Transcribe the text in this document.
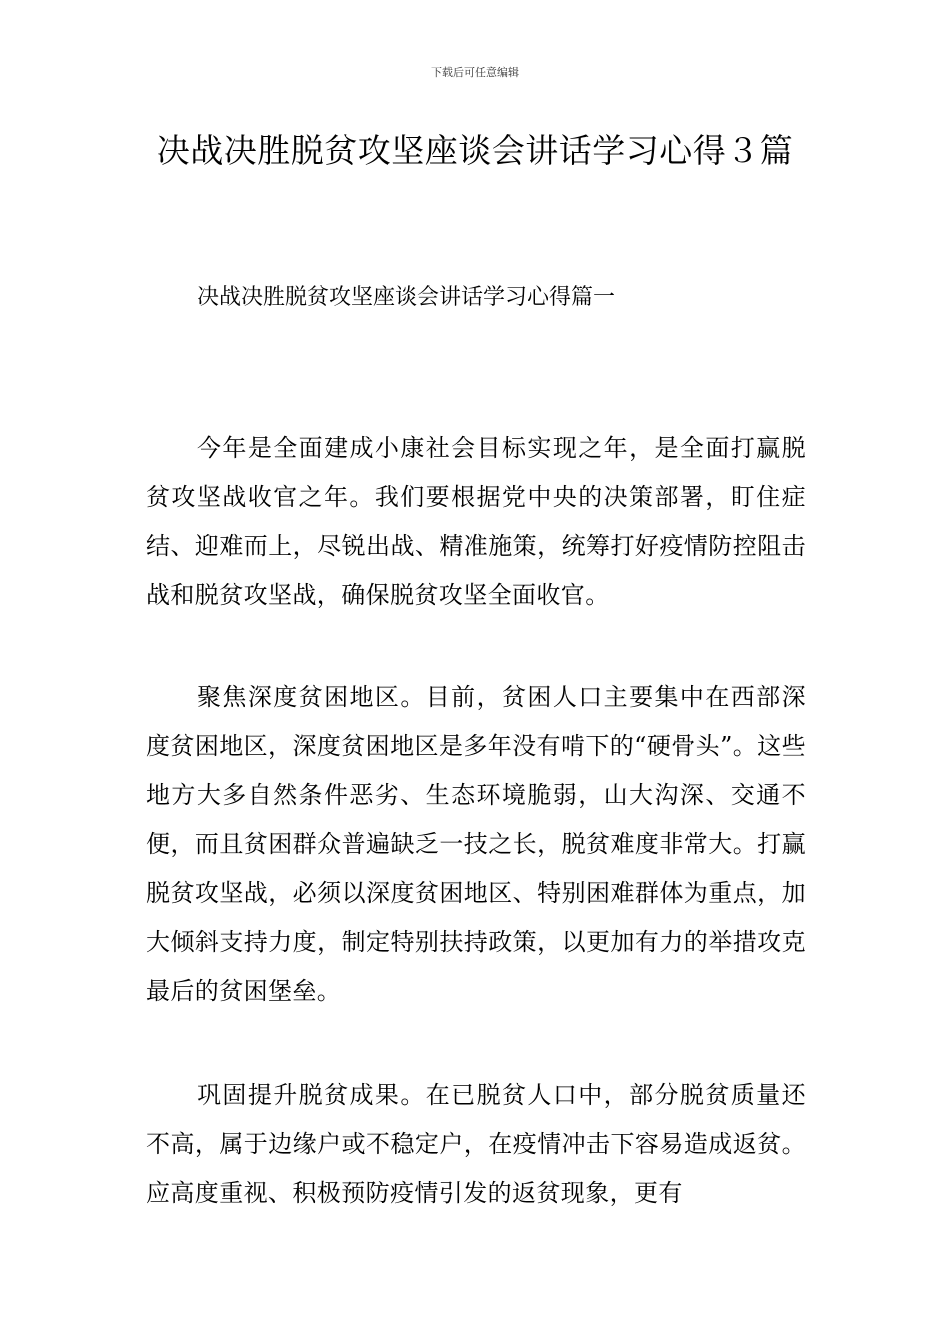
下载后可任意编辑
决战决胜脱贫攻坚座谈会讲话学习心得３篇
决战决胜脱贫攻坚座谈会讲话学习心得篇一

今年是全面建成小康社会目标实现之年，是全面打赢脱贫攻坚战收官之年。我们要根据党中央的决策部署，盯住症结、迎难而上，尽锐出战、精准施策，统筹打好疫情防控阻击战和脱贫攻坚战，确保脱贫攻坚全面收官。

聚焦深度贫困地区。目前，贫困人口主要集中在西部深度贫困地区，深度贫困地区是多年没有啃下的“硬骨头”。这些地方大多自然条件恶劣、生态环境脆弱，山大沟深、交通不便，而且贫困群众普遍缺乏一技之长，脱贫难度非常大。打赢脱贫攻坚战，必须以深度贫困地区、特别困难群体为重点，加大倾斜支持力度，制定特别扶持政策，以更加有力的举措攻克最后的贫困堡垒。

巩固提升脱贫成果。在已脱贫人口中，部分脱贫质量还不高，属于边缘户或不稳定户，在疫情冲击下容易造成返贫。应高度重视、积极预防疫情引发的返贫现象，更有
